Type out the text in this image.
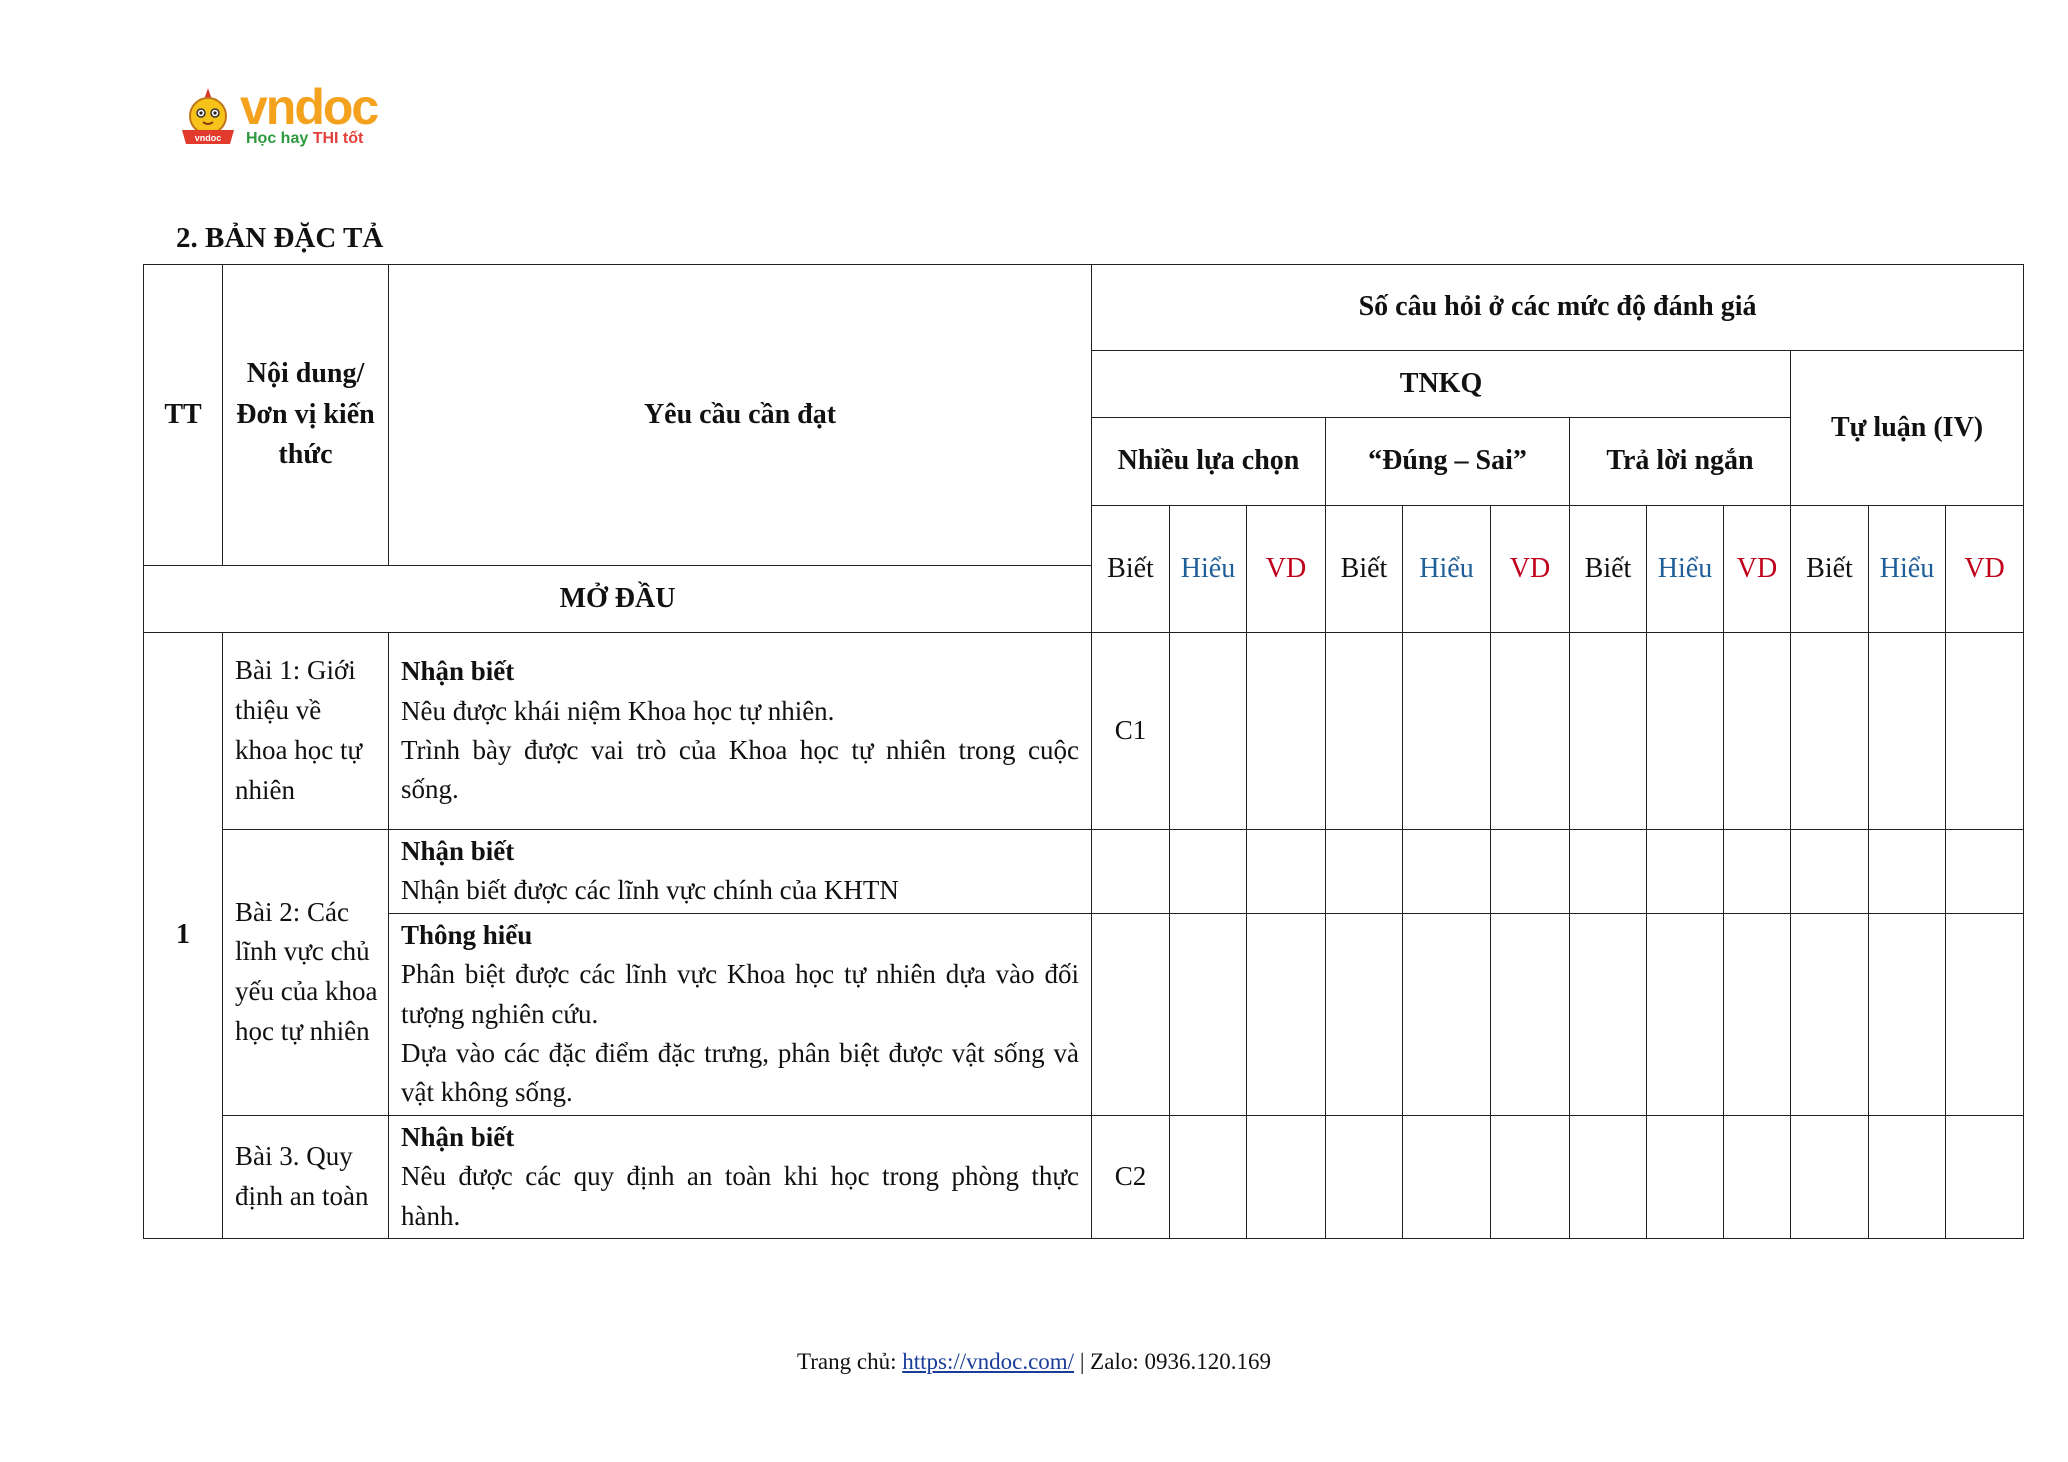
vndoc
vndoc
Học hay THI tốt
2. BẢN ĐẶC TẢ
TT	Nội dung/ Đơn vị kiến thức	Yêu cầu cần đạt	Số câu hỏi ở các mức độ đánh giá											
			TNKQ									Tự luận (IV)		
			Nhiều lựa chọn			“Đúng – Sai”			Trả lời ngắn					
			Biết	Hiểu	VD	Biết	Hiểu	VD	Biết	Hiểu	VD	Biết	Hiểu	VD
MỞ ĐẦU														
1	Bài 1: Giới thiệu về khoa học tự nhiên	Nhận biết
Nêu được khái niệm Khoa học tự nhiên.
Trình bày được vai trò của Khoa học tự nhiên trong cuộc sống.	C1											
	Bài 2: Các lĩnh vực chủ yếu của khoa học tự nhiên	Nhận biết
Nhận biết được các lĩnh vực chính của KHTN												

		Thông hiểu
Phân biệt được các lĩnh vực Khoa học tự nhiên dựa vào đối tượng nghiên cứu.
Dựa vào các đặc điểm đặc trưng, phân biệt được vật sống và vật không sống.												

	Bài 3. Quy định an toàn	Nhận biết
Nêu được các quy định an toàn khi học trong phòng thực hành.	C2											
Trang chủ: https://vndoc.com/ | Zalo: 0936.120.169
